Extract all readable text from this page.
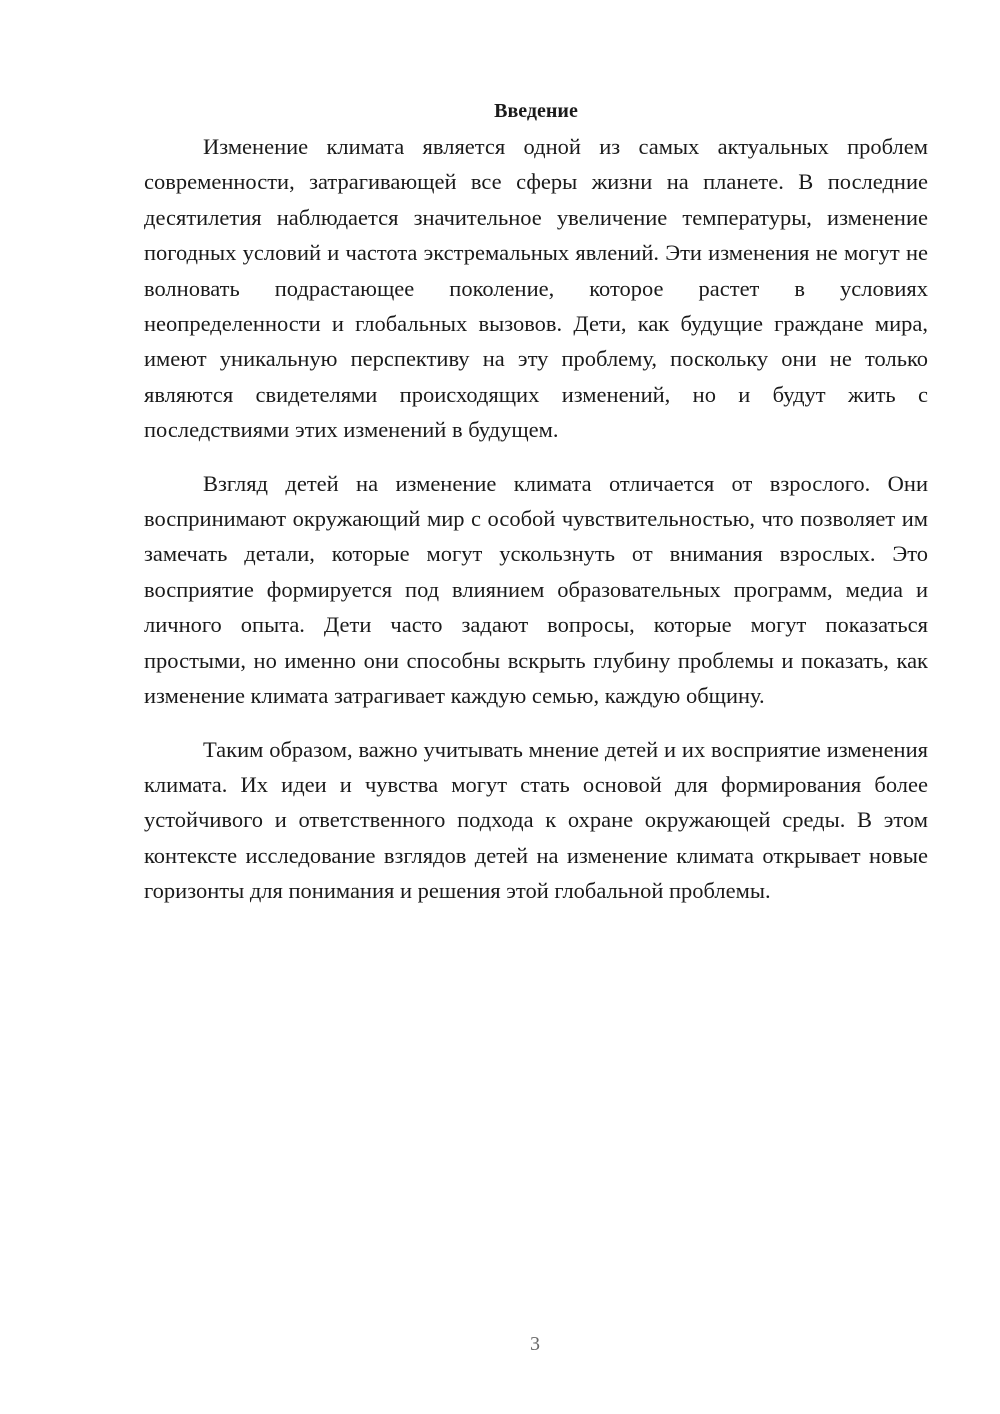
Введение

Изменение климата является одной из самых актуальных проблем современности, затрагивающей все сферы жизни на планете. В последние десятилетия наблюдается значительное увеличение температуры, изменение погодных условий и частота экстремальных явлений. Эти изменения не могут не волновать подрастающее поколение, которое растет в условиях неопределенности и глобальных вызовов. Дети, как будущие граждане мира, имеют уникальную перспективу на эту проблему, поскольку они не только являются свидетелями происходящих изменений, но и будут жить с последствиями этих изменений в будущем.

Взгляд детей на изменение климата отличается от взрослого. Они воспринимают окружающий мир с особой чувствительностью, что позволяет им замечать детали, которые могут ускользнуть от внимания взрослых. Это восприятие формируется под влиянием образовательных программ, медиа и личного опыта. Дети часто задают вопросы, которые могут показаться простыми, но именно они способны вскрыть глубину проблемы и показать, как изменение климата затрагивает каждую семью, каждую общину.

Таким образом, важно учитывать мнение детей и их восприятие изменения климата. Их идеи и чувства могут стать основой для формирования более устойчивого и ответственного подхода к охране окружающей среды. В этом контексте исследование взглядов детей на изменение климата открывает новые горизонты для понимания и решения этой глобальной проблемы.

3
